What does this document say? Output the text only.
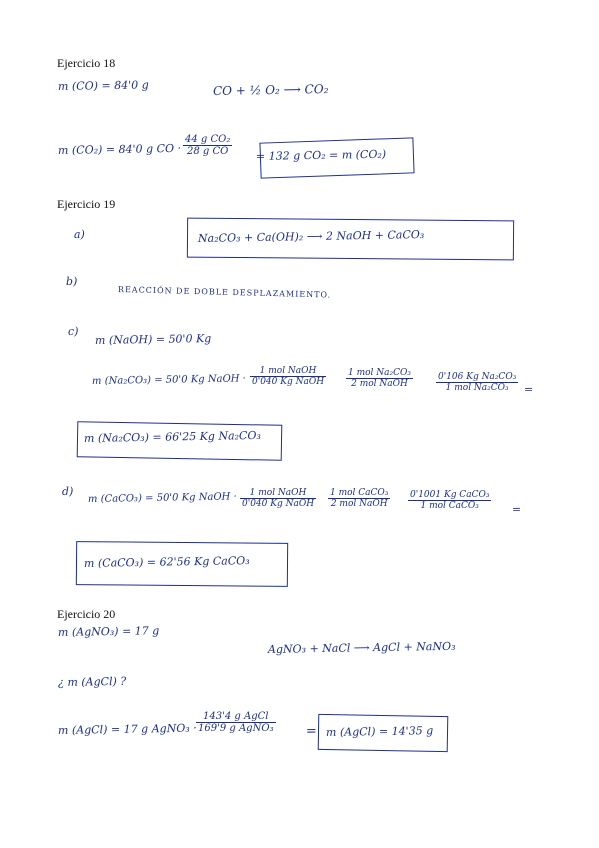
Ejercicio 18
m (CO) = 84'0 g	CO + ½ O₂ ⟶ CO₂
m (CO₂) = 84'0 g CO · $\frac{\text{44 g CO₂}}{\text{28 g CO}} = 132$ g CO₂ = m (CO₂)
Ejercicio 19
a)	Na₂CO₃ + Ca(OH)₂ ⟶ 2 NaOH + CaCO₃
b)
REACCIÓN DE DOBLE DESPLAZAMIENTO.
c)
m (NaOH) = 50'0 Kg
m (Na₂CO₃) = 50'0 Kg NaOH ·
1 mol NaOH
0'040 Kg NaOH
1 mol Na₂CO₃
2 mol NaOH
0'106 Kg Na₂CO₃
1 mol Na₂CO₃	=
m (Na₂CO₃) = 66'25 Kg Na₂CO₃
d)
m (CaCO₃) = 50'0 Kg NaOH ·	1 mol NaOH
0'040 Kg NaOH
1 mol CaCO₃
2 mol NaOH
0'1001 Kg CaCO₃
1 mol CaCO₃	=
m (CaCO₃) = 62'56 Kg CaCO₃
Ejercicio 20
m (AgNO₃) = 17 g
AgNO₃ + NaCl ⟶ AgCl + NaNO₃
¿ m (AgCl) ?
m (AgCl) = 17 g AgNO₃ ·
143'4 g AgCl
169'9 g AgNO₃ = m (AgCl) = 14'35 g
